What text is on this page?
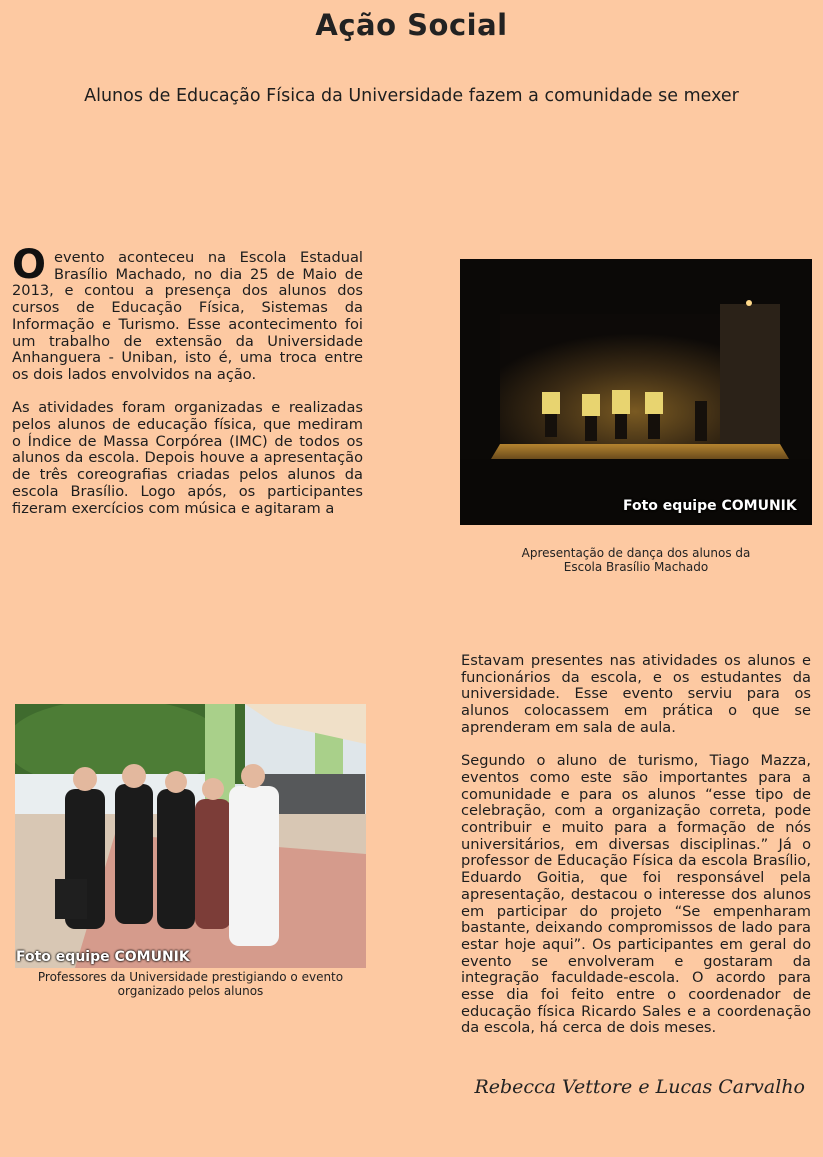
Ação Social
Alunos de Educação Física da Universidade fazem a comunidade se mexer

Oevento aconteceu na Escola Estadual Brasílio Machado, no dia 25 de Maio de 2013, e contou a presença dos alunos dos cursos de Educação Física, Sistemas da Informação e Turismo. Esse acontecimento foi um trabalho de extensão da Universidade Anhanguera - Uniban, isto é, uma troca entre os dois lados envolvidos na ação.

As atividades foram organizadas e realizadas pelos alunos de educação física, que mediram o Índice de Massa Corpórea (IMC) de todos os alunos da escola. Depois houve a apresentação de três coreografias criadas pelos alunos da escola Brasílio. Logo após, os participantes fizeram exercícios com música e agitaram a	Foto equipe COMUNIK
Apresentação de dança dos alunos da
Escola Brasílio Machado
Foto equipe COMUNIK
Professores da Universidade prestigiando o evento
organizado pelos alunos

Estavam presentes nas atividades os alunos e funcionários da escola, e os estudantes da universidade. Esse evento serviu para os alunos colocassem em prática o que se aprenderam em sala de aula.

Segundo o aluno de turismo, Tiago Mazza, eventos como este são importantes para a comunidade e para os alunos “esse tipo de celebração, com a organização correta, pode contribuir e muito para a formação de nós universitários, em diversas disciplinas.” Já o professor de Educação Física da escola Brasílio, Eduardo Goitia, que foi responsável pela apresentação, destacou o interesse dos alunos em participar do projeto “Se empenharam bastante, deixando compromissos de lado para estar hoje aqui”. Os participantes em geral do evento se envolveram e gostaram da integração faculdade-escola. O acordo para esse dia foi feito entre o coordenador de educação física Ricardo Sales e a coordenação da escola, há cerca de dois meses.

Rebecca Vettore e Lucas Carvalho
